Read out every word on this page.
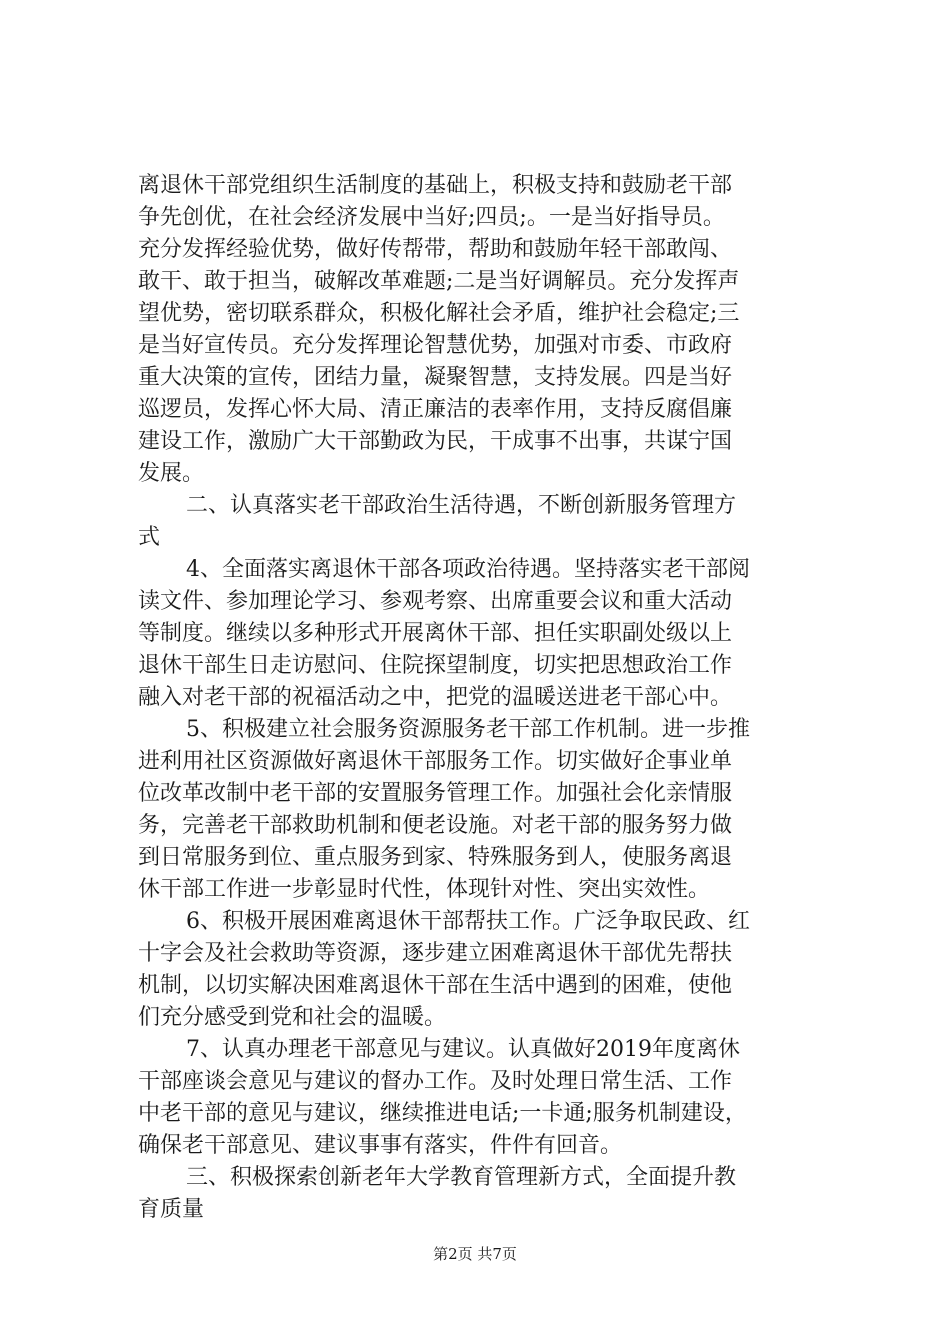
离退休干部党组织生活制度的基础上，积极支持和鼓励老干部
争先创优，在社会经济发展中当好;四员;。一是当好指导员。
充分发挥经验优势，做好传帮带，帮助和鼓励年轻干部敢闯、
敢干、敢于担当，破解改革难题;二是当好调解员。充分发挥声
望优势，密切联系群众，积极化解社会矛盾，维护社会稳定;三
是当好宣传员。充分发挥理论智慧优势，加强对市委、市政府
重大决策的宣传，团结力量，凝聚智慧，支持发展。四是当好
巡逻员，发挥心怀大局、清正廉洁的表率作用，支持反腐倡廉
建设工作，激励广大干部勤政为民，干成事不出事，共谋宁国
发展。
二、认真落实老干部政治生活待遇，不断创新服务管理方
式
4、全面落实离退休干部各项政治待遇。坚持落实老干部阅
读文件、参加理论学习、参观考察、出席重要会议和重大活动
等制度。继续以多种形式开展离休干部、担任实职副处级以上
退休干部生日走访慰问、住院探望制度，切实把思想政治工作
融入对老干部的祝福活动之中，把党的温暖送进老干部心中。
5、积极建立社会服务资源服务老干部工作机制。进一步推
进利用社区资源做好离退休干部服务工作。切实做好企事业单
位改革改制中老干部的安置服务管理工作。加强社会化亲情服
务，完善老干部救助机制和便老设施。对老干部的服务努力做
到日常服务到位、重点服务到家、特殊服务到人，使服务离退
休干部工作进一步彰显时代性，体现针对性、突出实效性。
6、积极开展困难离退休干部帮扶工作。广泛争取民政、红
十字会及社会救助等资源，逐步建立困难离退休干部优先帮扶
机制，以切实解决困难离退休干部在生活中遇到的困难，使他
们充分感受到党和社会的温暖。
7、认真办理老干部意见与建议。认真做好2019年度离休
干部座谈会意见与建议的督办工作。及时处理日常生活、工作
中老干部的意见与建议，继续推进电话;一卡通;服务机制建设，
确保老干部意见、建议事事有落实，件件有回音。
三、积极探索创新老年大学教育管理新方式，全面提升教
育质量
第2页 共7页
